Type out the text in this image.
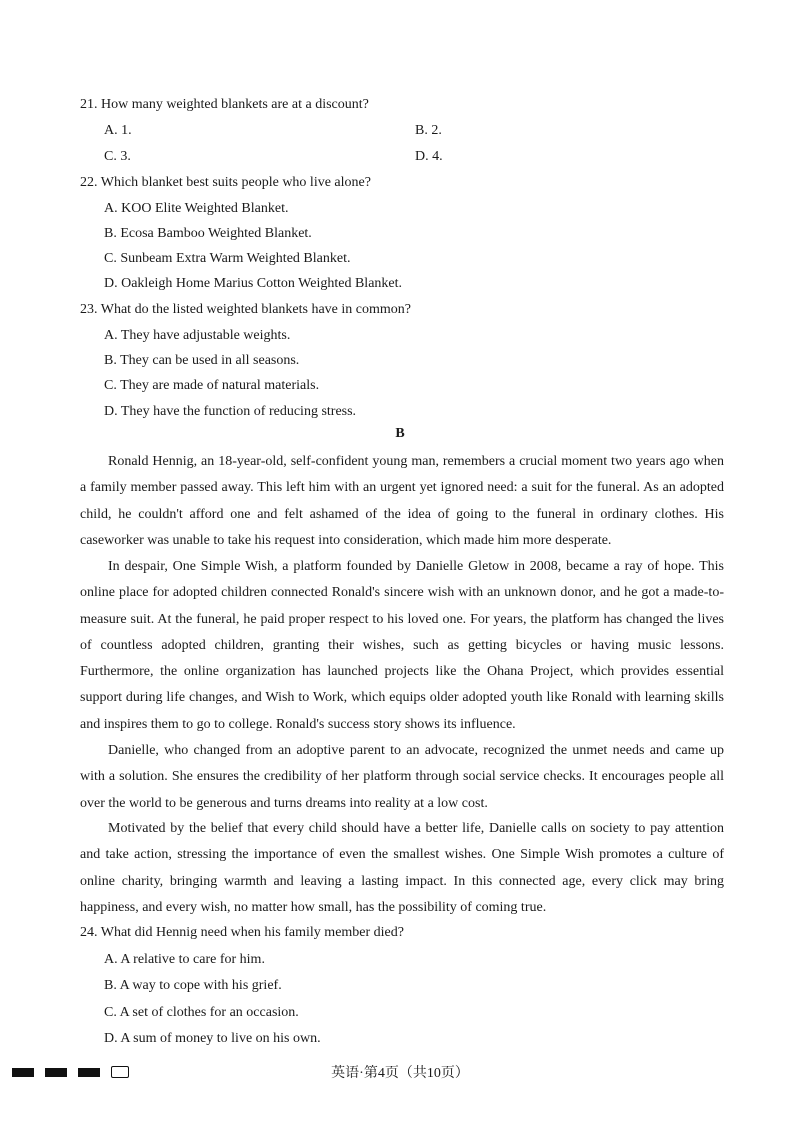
21. How many weighted blankets are at a discount?
A. 1.	B. 2.
C. 3.	D. 4.
22. Which blanket best suits people who live alone?
A. KOO Elite Weighted Blanket.
B. Ecosa Bamboo Weighted Blanket.
C. Sunbeam Extra Warm Weighted Blanket.
D. Oakleigh Home Marius Cotton Weighted Blanket.
23. What do the listed weighted blankets have in common?
A. They have adjustable weights.
B. They can be used in all seasons.
C. They are made of natural materials.
D. They have the function of reducing stress.
B

Ronald Hennig, an 18-year-old, self-confident young man, remembers a crucial moment two years ago when a family member passed away. This left him with an urgent yet ignored need: a suit for the funeral. As an adopted child, he couldn't afford one and felt ashamed of the idea of going to the funeral in ordinary clothes. His caseworker was unable to take his request into consideration, which made him more desperate.

In despair, One Simple Wish, a platform founded by Danielle Gletow in 2008, became a ray of hope. This online place for adopted children connected Ronald's sincere wish with an unknown donor, and he got a made-to-measure suit. At the funeral, he paid proper respect to his loved one. For years, the platform has changed the lives of countless adopted children, granting their wishes, such as getting bicycles or having music lessons. Furthermore, the online organization has launched projects like the Ohana Project, which provides essential support during life changes, and Wish to Work, which equips older adopted youth like Ronald with learning skills and inspires them to go to college. Ronald's success story shows its influence.

Danielle, who changed from an adoptive parent to an advocate, recognized the unmet needs and came up with a solution. She ensures the credibility of her platform through social service checks. It encourages people all over the world to be generous and turns dreams into reality at a low cost.

Motivated by the belief that every child should have a better life, Danielle calls on society to pay attention and take action, stressing the importance of even the smallest wishes. One Simple Wish promotes a culture of online charity, bringing warmth and leaving a lasting impact. In this connected age, every click may bring happiness, and every wish, no matter how small, has the possibility of coming true.

24. What did Hennig need when his family member died?
A. A relative to care for him.
B. A way to cope with his grief.
C. A set of clothes for an occasion.
D. A sum of money to live on his own.
英语·第4页（共10页）
